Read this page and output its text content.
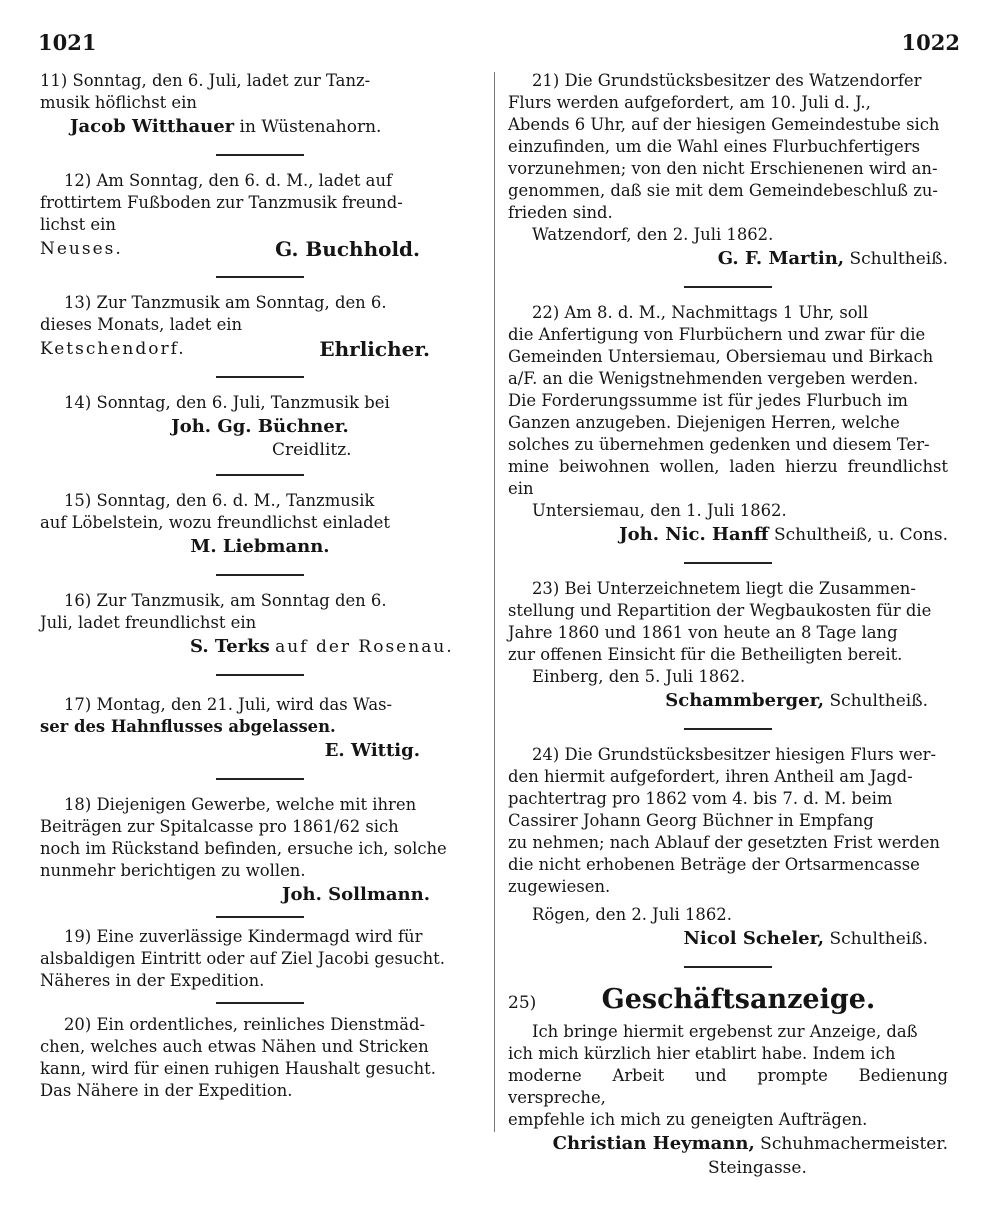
1021	1022

11) Sonntag, den 6. Juli, ladet zur Tanz-

musik höflichst ein

Jacob Witthauer in Wüstenahorn.

12) Am Sonntag, den 6. d. M., ladet auf

frottirtem Fußboden zur Tanzmusik freund-

lichst ein

Neuses.	G. Buchhold.

13) Zur Tanzmusik am Sonntag, den 6.

dieses Monats, ladet ein

Ketschendorf.	Ehrlicher.

14) Sonntag, den 6. Juli, Tanzmusik bei

Joh. Gg. Büchner.
Creidlitz.

15) Sonntag, den 6. d. M., Tanzmusik

auf Löbelstein, wozu freundlichst einladet

M. Liebmann.

16) Zur Tanzmusik, am Sonntag den 6.

Juli, ladet freundlichst ein

S. Terks auf der Rosenau.

17) Montag, den 21. Juli, wird das Was-

ser des Hahnflusses abgelassen.

E. Wittig.

18) Diejenigen Gewerbe, welche mit ihren

Beiträgen zur Spitalcasse pro 1861/62 sich

noch im Rückstand befinden, ersuche ich, solche

nunmehr berichtigen zu wollen.

Joh. Sollmann.

19) Eine zuverlässige Kindermagd wird für

alsbaldigen Eintritt oder auf Ziel Jacobi gesucht.

Näheres in der Expedition.

20) Ein ordentliches, reinliches Dienstmäd-

chen, welches auch etwas Nähen und Stricken

kann, wird für einen ruhigen Haushalt gesucht.

Das Nähere in der Expedition.

21) Die Grundstücksbesitzer des Watzendorfer

Flurs werden aufgefordert, am 10. Juli d. J.,

Abends 6 Uhr, auf der hiesigen Gemeindestube sich

einzufinden, um die Wahl eines Flurbuchfertigers

vorzunehmen; von den nicht Erschienenen wird an-

genommen, daß sie mit dem Gemeindebeschluß zu-

frieden sind.

Watzendorf, den 2. Juli 1862.

G. F. Martin, Schultheiß.

22) Am 8. d. M., Nachmittags 1 Uhr, soll

die Anfertigung von Flurbüchern und zwar für die

Gemeinden Untersiemau, Obersiemau und Birkach

a/F. an die Wenigstnehmenden vergeben werden.

Die Forderungssumme ist für jedes Flurbuch im

Ganzen anzugeben. Diejenigen Herren, welche

solches zu übernehmen gedenken und diesem Ter-

mine beiwohnen wollen, laden hierzu freundlichst ein

Untersiemau, den 1. Juli 1862.

Joh. Nic. Hanff Schultheiß, u. Cons.

23) Bei Unterzeichnetem liegt die Zusammen-

stellung und Repartition der Wegbaukosten für die

Jahre 1860 und 1861 von heute an 8 Tage lang

zur offenen Einsicht für die Betheiligten bereit.

Einberg, den 5. Juli 1862.

Schammberger, Schultheiß.

24) Die Grundstücksbesitzer hiesigen Flurs wer-

den hiermit aufgefordert, ihren Antheil am Jagd-

pachtertrag pro 1862 vom 4. bis 7. d. M. beim

Cassirer Johann Georg Büchner in Empfang

zu nehmen; nach Ablauf der gesetzten Frist werden

die nicht erhobenen Beträge der Ortsarmencasse

zugewiesen.

Rögen, den 2. Juli 1862.

Nicol Scheler, Schultheiß.
25) Geschäftsanzeige.

Ich bringe hiermit ergebenst zur Anzeige, daß

ich mich kürzlich hier etablirt habe. Indem ich

moderne Arbeit und prompte Bedienung verspreche,

empfehle ich mich zu geneigten Aufträgen.

Christian Heymann, Schuhmachermeister.
Steingasse.
